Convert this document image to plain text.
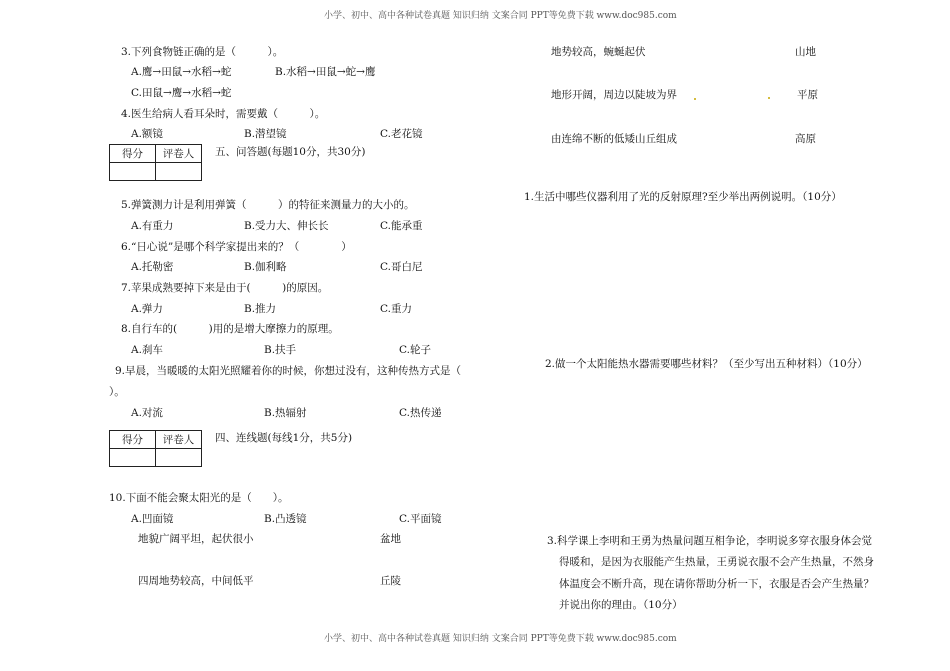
小学、初中、高中各种试卷真题 知识归纳 文案合同 PPT等免费下载 www.doc985.com
小学、初中、高中各种试卷真题 知识归纳 文案合同 PPT等免费下载 www.doc985.com
3.下列食物链正确的是（　　　）。
A.鹰→田鼠→水稻→蛇	B.水稻→田鼠→蛇→鹰
C.田鼠→鹰→水稻→蛇
4.医生给病人看耳朵时，需要戴（　　　）。
A.额镜	B.潜望镜	C.老花镜
得分	评卷人
	五、问答题(每题10分，共30分)
5.弹簧测力计是利用弹簧（　　　）的特征来测量力的大小的。
A.有重力	B.受力大、伸长长	C.能承重
6.“日心说”是哪个科学家提出来的？（　　　　）
A.托勒密	B.伽利略	C.哥白尼
7.苹果成熟要掉下来是由于(　　　)的原因。
A.弹力	B.推力	C.重力
8.自行车的(　　　)用的是增大摩擦力的原理。
A.刹车	B.扶手	C.轮子
9.早晨，当暖暖的太阳光照耀着你的时候，你想过没有，这种传热方式是（
）。
A.对流	B.热辐射	C.热传递
得分	评卷人
	四、连线题(每线1分，共5分)
10.下面不能会聚太阳光的是（　　）。
A.凹面镜	B.凸透镜	C.平面镜
地貌广阔平坦，起伏很小	盆地
四周地势较高，中间低平	丘陵
地势较高，蜿蜒起伏	山地
地形开阔，周边以陡坡为界	平原
由连绵不断的低矮山丘组成	高原
1.生活中哪些仪器利用了光的反射原理?至少举出两例说明。（10分）
2.做一个太阳能热水器需要哪些材料？（至少写出五种材料）（10分）
3.科学课上李明和王勇为热量问题互相争论，李明说多穿衣服身体会觉
得暖和，是因为衣服能产生热量，王勇说衣服不会产生热量，不然身
体温度会不断升高，现在请你帮助分析一下，衣服是否会产生热量？
并说出你的理由。（10分）
